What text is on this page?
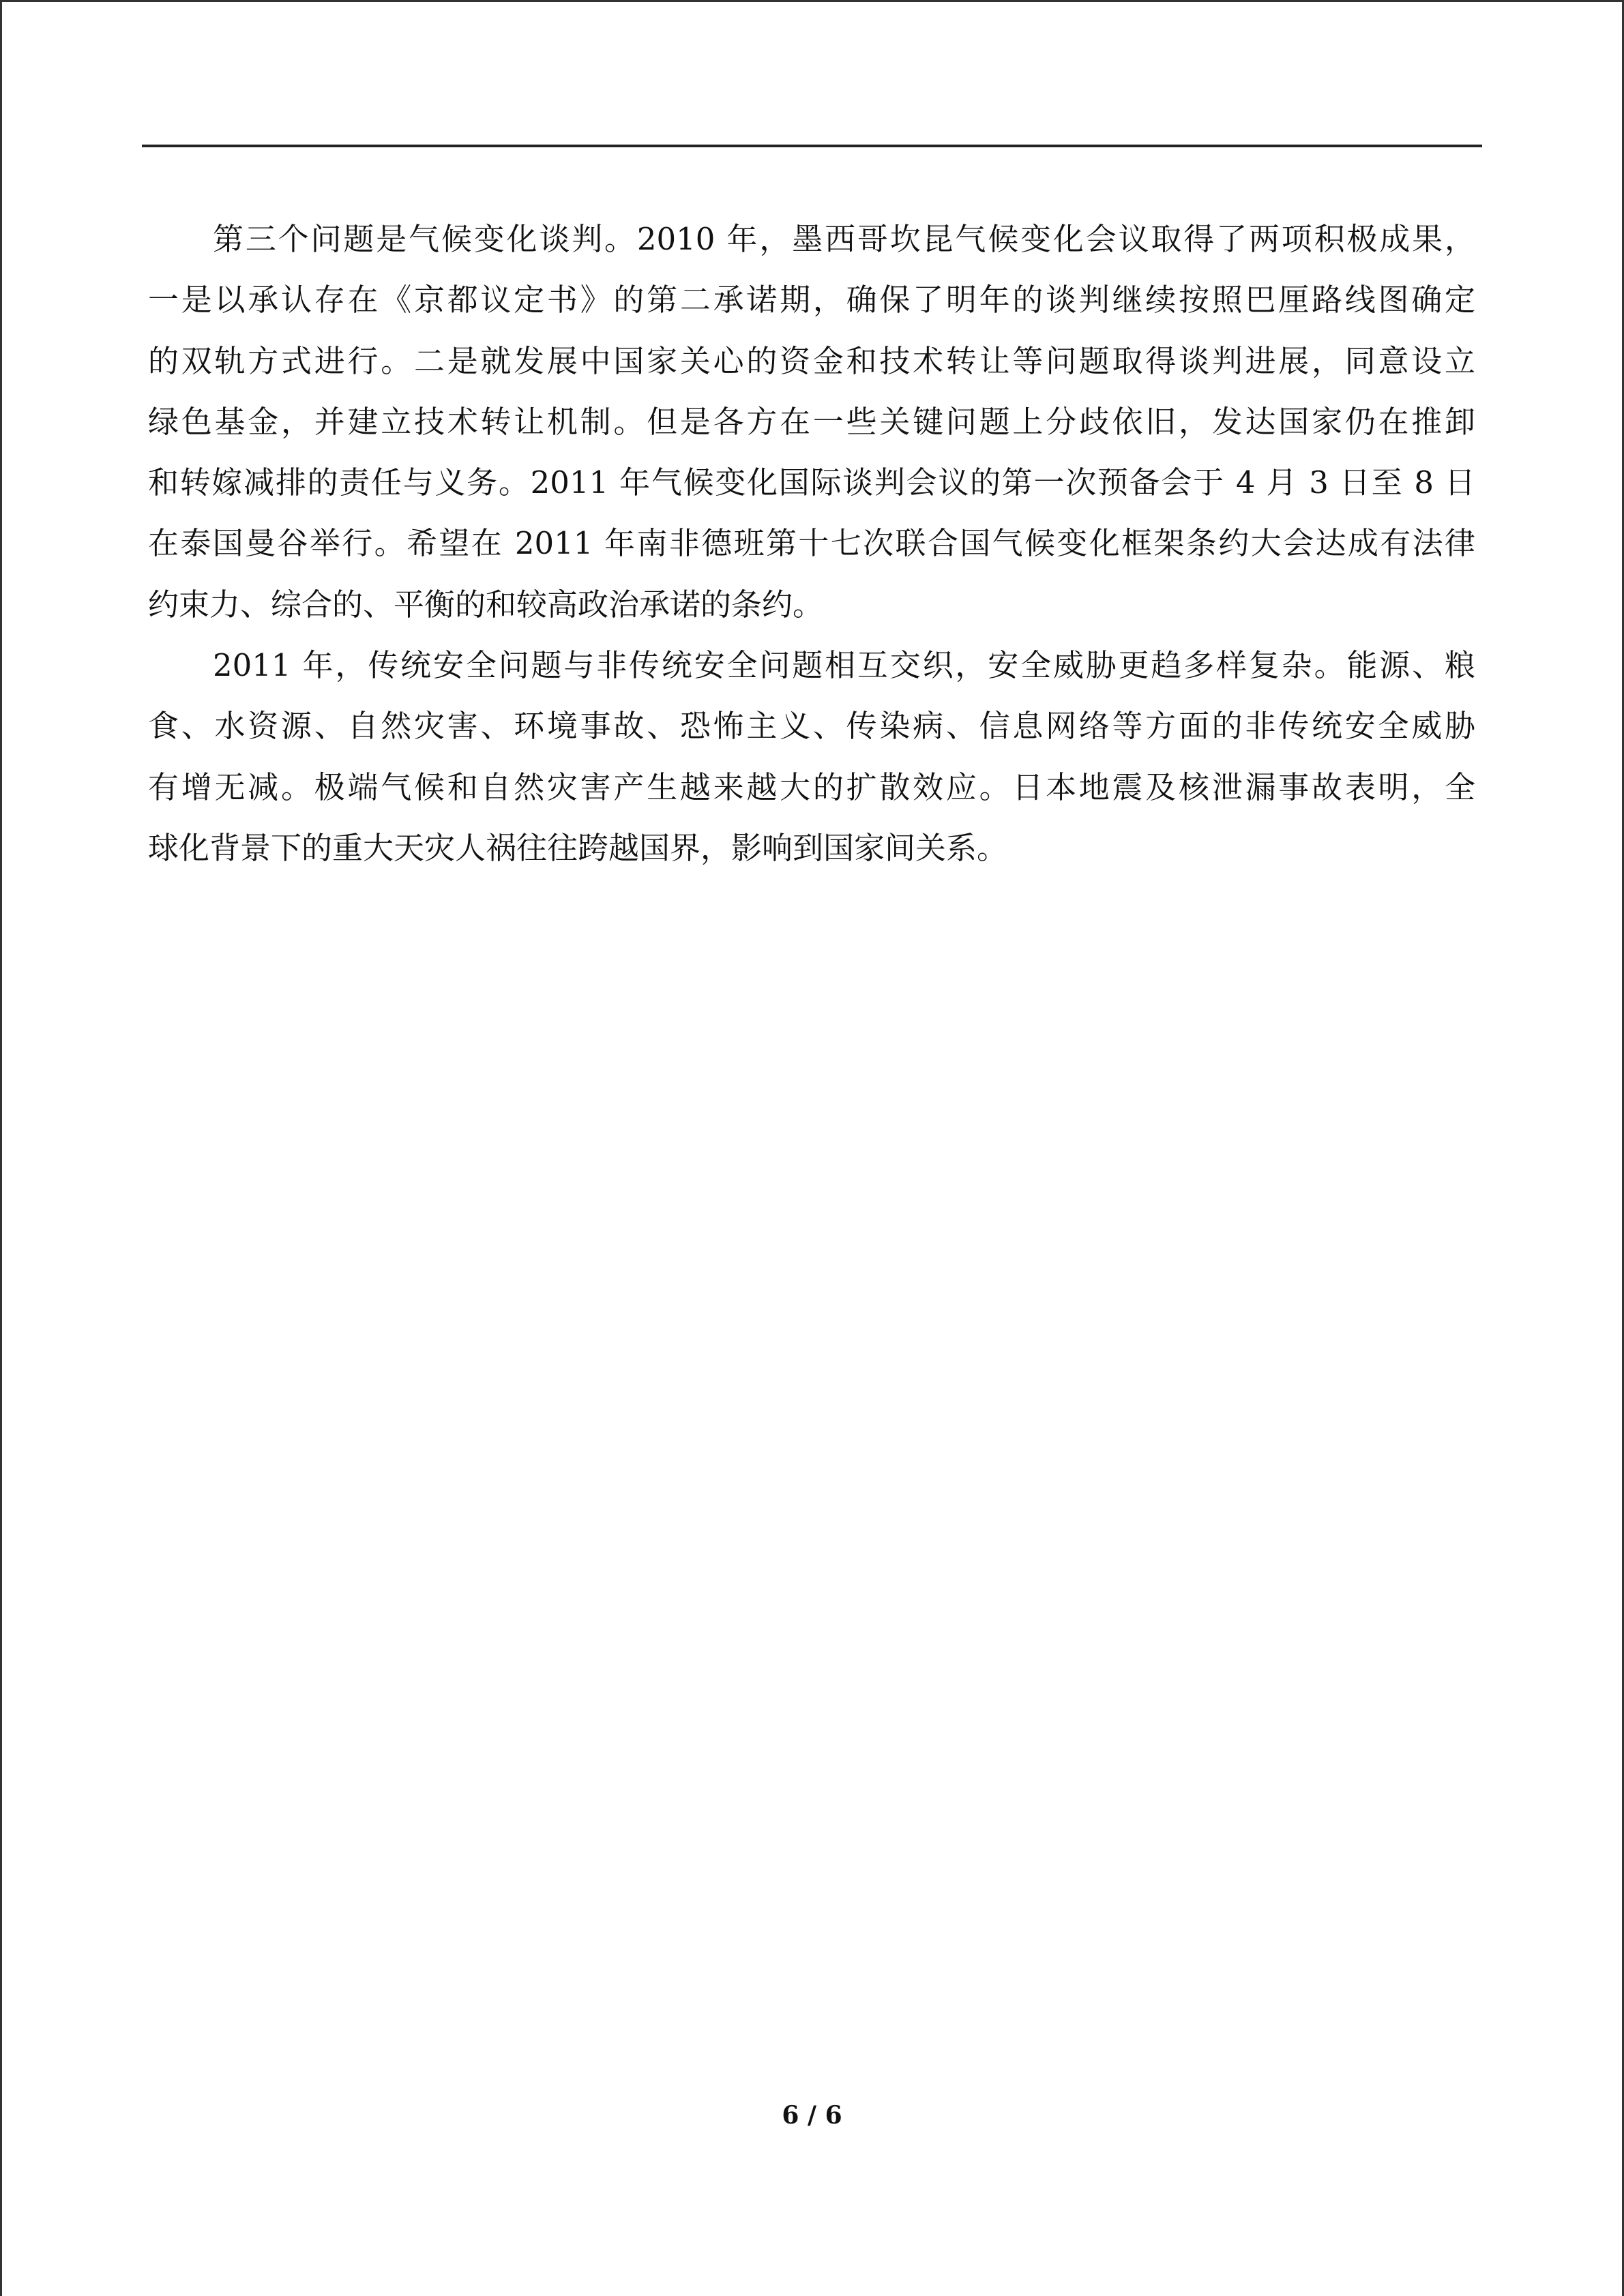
第三个问题是气候变化谈判。2010 年，墨西哥坎昆气候变化会议取得了两项积极成果，
一是以承认存在《京都议定书》的第二承诺期，确保了明年的谈判继续按照巴厘路线图确定
的双轨方式进行。二是就发展中国家关心的资金和技术转让等问题取得谈判进展，同意设立
绿色基金，并建立技术转让机制。但是各方在一些关键问题上分歧依旧，发达国家仍在推卸
和转嫁减排的责任与义务。2011 年气候变化国际谈判会议的第一次预备会于 4 月 3 日至 8 日
在泰国曼谷举行。希望在 2011 年南非德班第十七次联合国气候变化框架条约大会达成有法律
约束力、综合的、平衡的和较高政治承诺的条约。

2011 年，传统安全问题与非传统安全问题相互交织，安全威胁更趋多样复杂。能源、粮
食、水资源、自然灾害、环境事故、恐怖主义、传染病、信息网络等方面的非传统安全威胁
有增无减。极端气候和自然灾害产生越来越大的扩散效应。日本地震及核泄漏事故表明，全
球化背景下的重大天灾人祸往往跨越国界，影响到国家间关系。

6 / 6
